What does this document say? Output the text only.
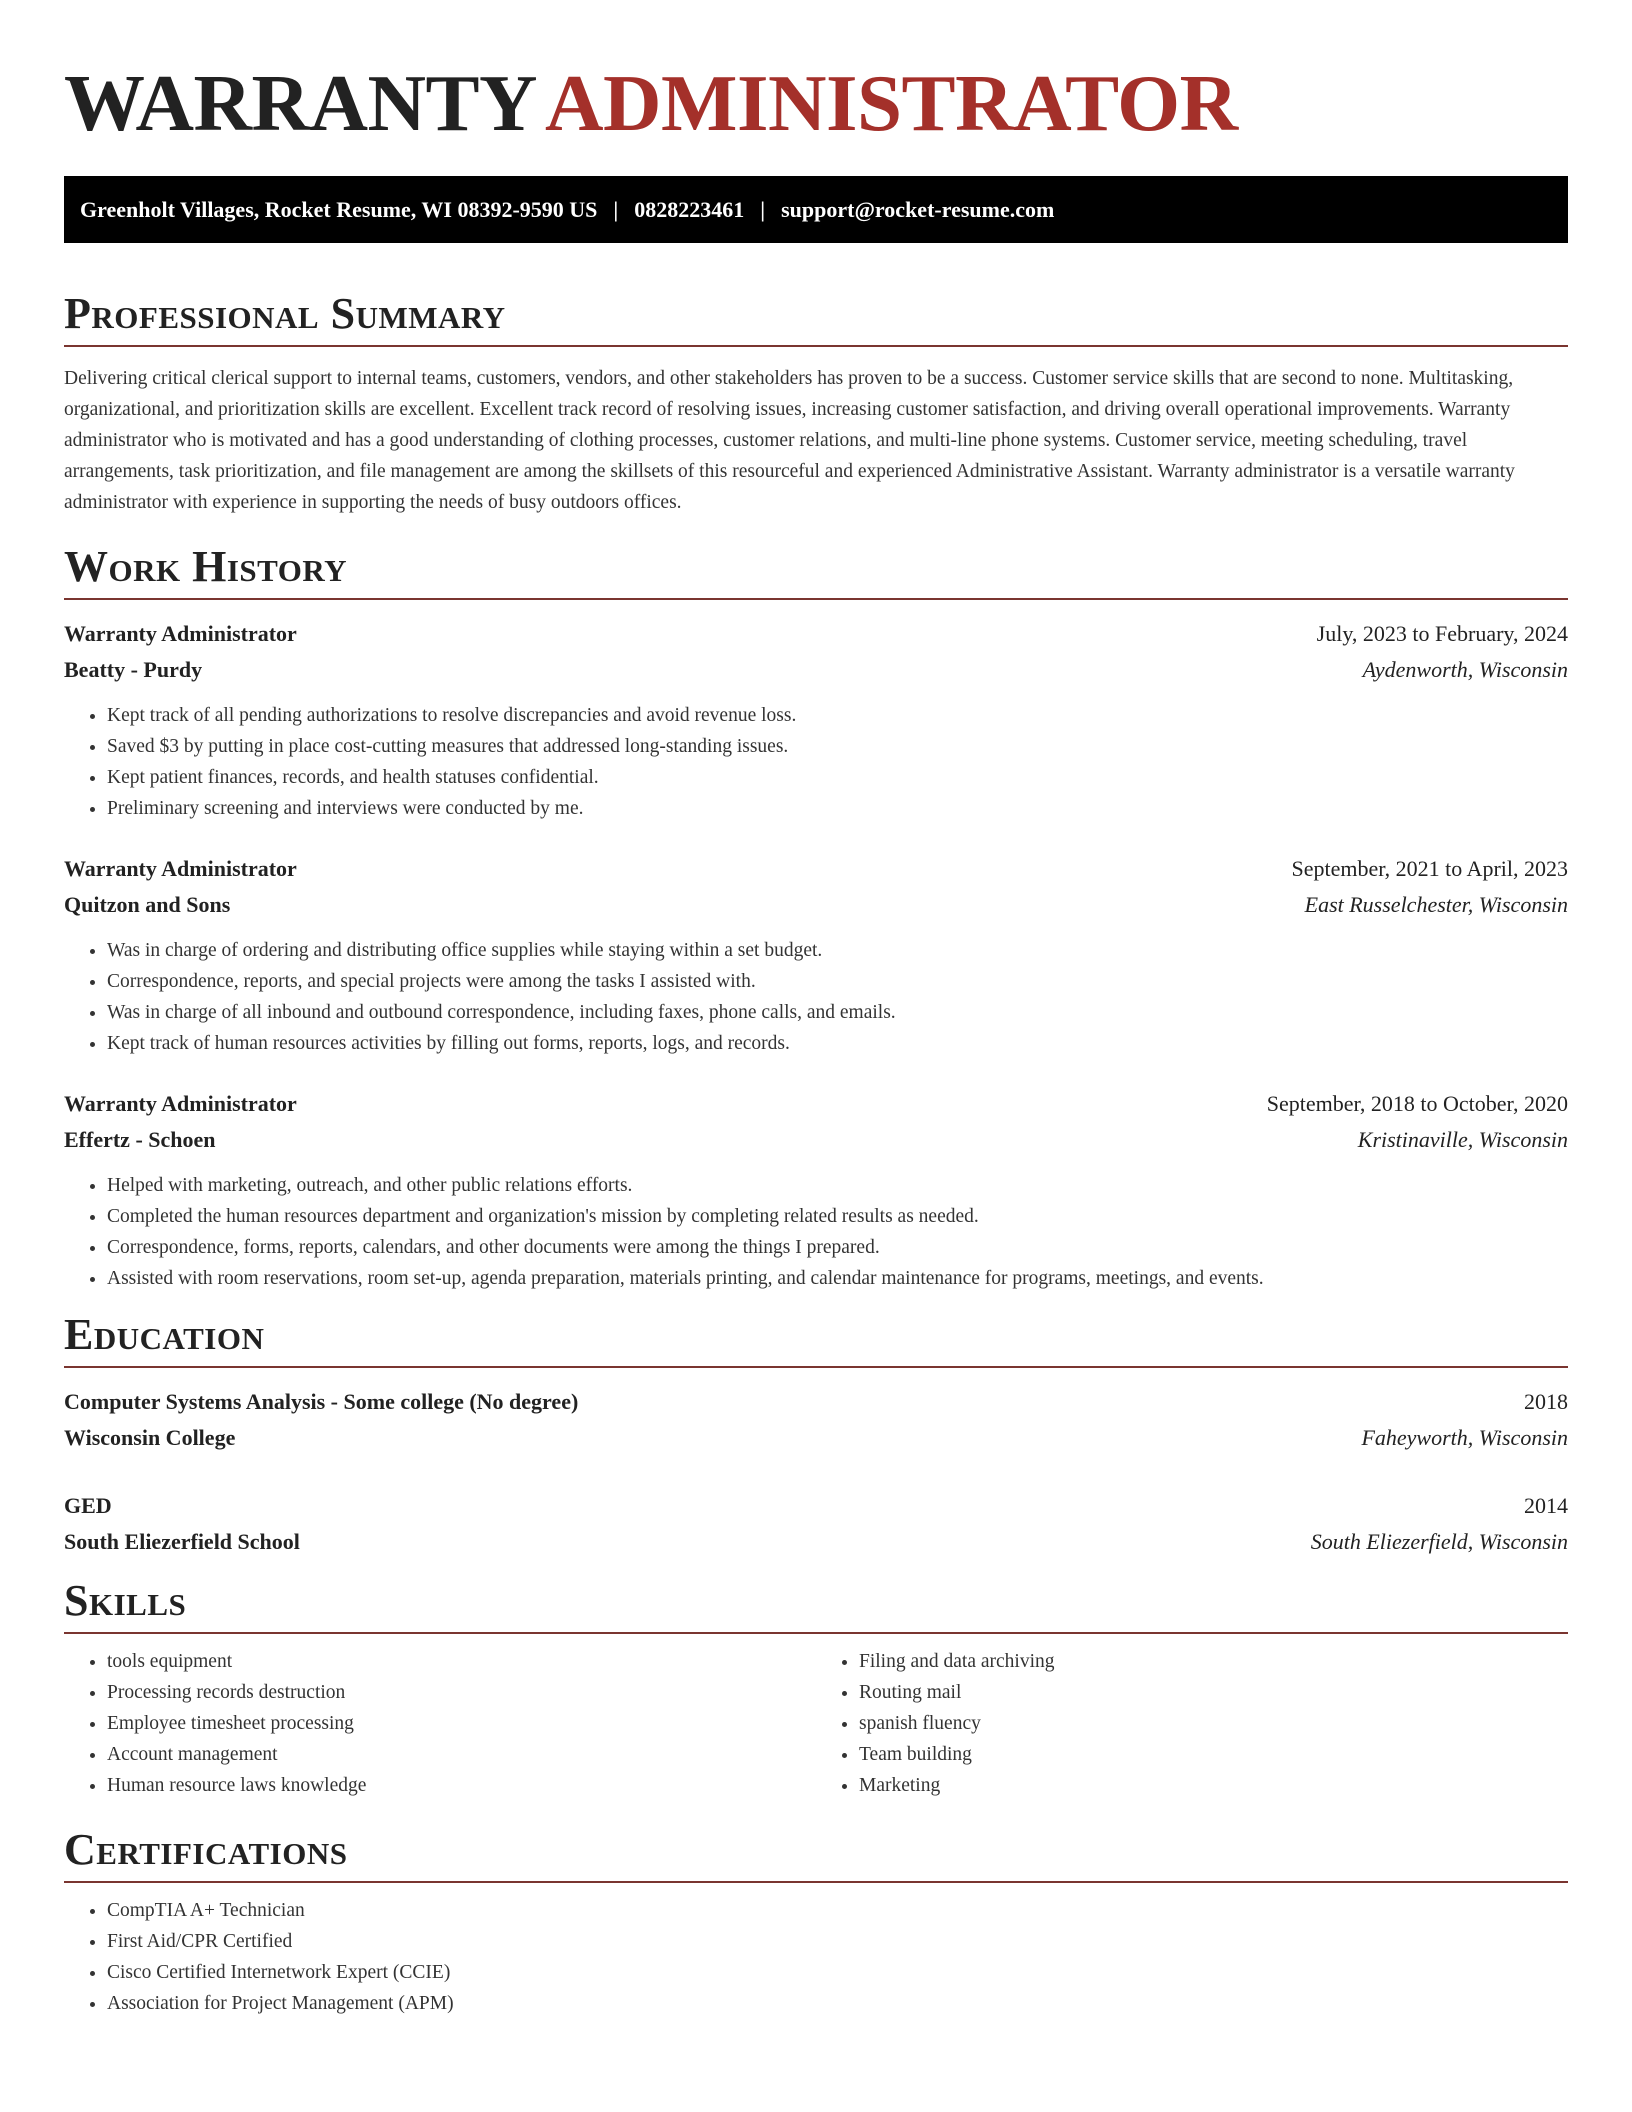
WARRANTYADMINISTRATOR
Greenholt Villages, Rocket Resume, WI 08392-9590 US | 0828223461 | support@rocket-resume.com
Professional Summary

Delivering critical clerical support to internal teams, customers, vendors, and other stakeholders has proven to be a success. Customer service skills that are second to none. Multitasking, organizational, and prioritization skills are excellent. Excellent track record of resolving issues, increasing customer satisfaction, and driving overall operational improvements. Warranty administrator who is motivated and has a good understanding of clothing processes, customer relations, and multi-line phone systems. Customer service, meeting scheduling, travel arrangements, task prioritization, and file management are among the skillsets of this resourceful and experienced Administrative Assistant. Warranty administrator is a versatile warranty administrator with experience in supporting the needs of busy outdoors offices.

Work History
Warranty Administrator	July, 2023 to February, 2024
Beatty - Purdy	Aydenworth, Wisconsin
• Kept track of all pending authorizations to resolve discrepancies and avoid revenue loss.
• Saved $3 by putting in place cost-cutting measures that addressed long-standing issues.
• Kept patient finances, records, and health statuses confidential.
• Preliminary screening and interviews were conducted by me.
Warranty Administrator	September, 2021 to April, 2023
Quitzon and Sons	East Russelchester, Wisconsin
• Was in charge of ordering and distributing office supplies while staying within a set budget.
• Correspondence, reports, and special projects were among the tasks I assisted with.
• Was in charge of all inbound and outbound correspondence, including faxes, phone calls, and emails.
• Kept track of human resources activities by filling out forms, reports, logs, and records.
Warranty Administrator	September, 2018 to October, 2020
Effertz - Schoen	Kristinaville, Wisconsin
• Helped with marketing, outreach, and other public relations efforts.
• Completed the human resources department and organization's mission by completing related results as needed.
• Correspondence, forms, reports, calendars, and other documents were among the things I prepared.
• Assisted with room reservations, room set-up, agenda preparation, materials printing, and calendar maintenance for programs, meetings, and events.
Education
Computer Systems Analysis - Some college (No degree)	2018
Wisconsin College	Faheyworth, Wisconsin
GED	2014
South Eliezerfield School	South Eliezerfield, Wisconsin
Skills
• tools equipment
• Processing records destruction
• Employee timesheet processing
• Account management
• Human resource laws knowledge
• Filing and data archiving
• Routing mail
• spanish fluency
• Team building
• Marketing
Certifications
• CompTIA A+ Technician
• First Aid/CPR Certified
• Cisco Certified Internetwork Expert (CCIE)
• Association for Project Management (APM)
